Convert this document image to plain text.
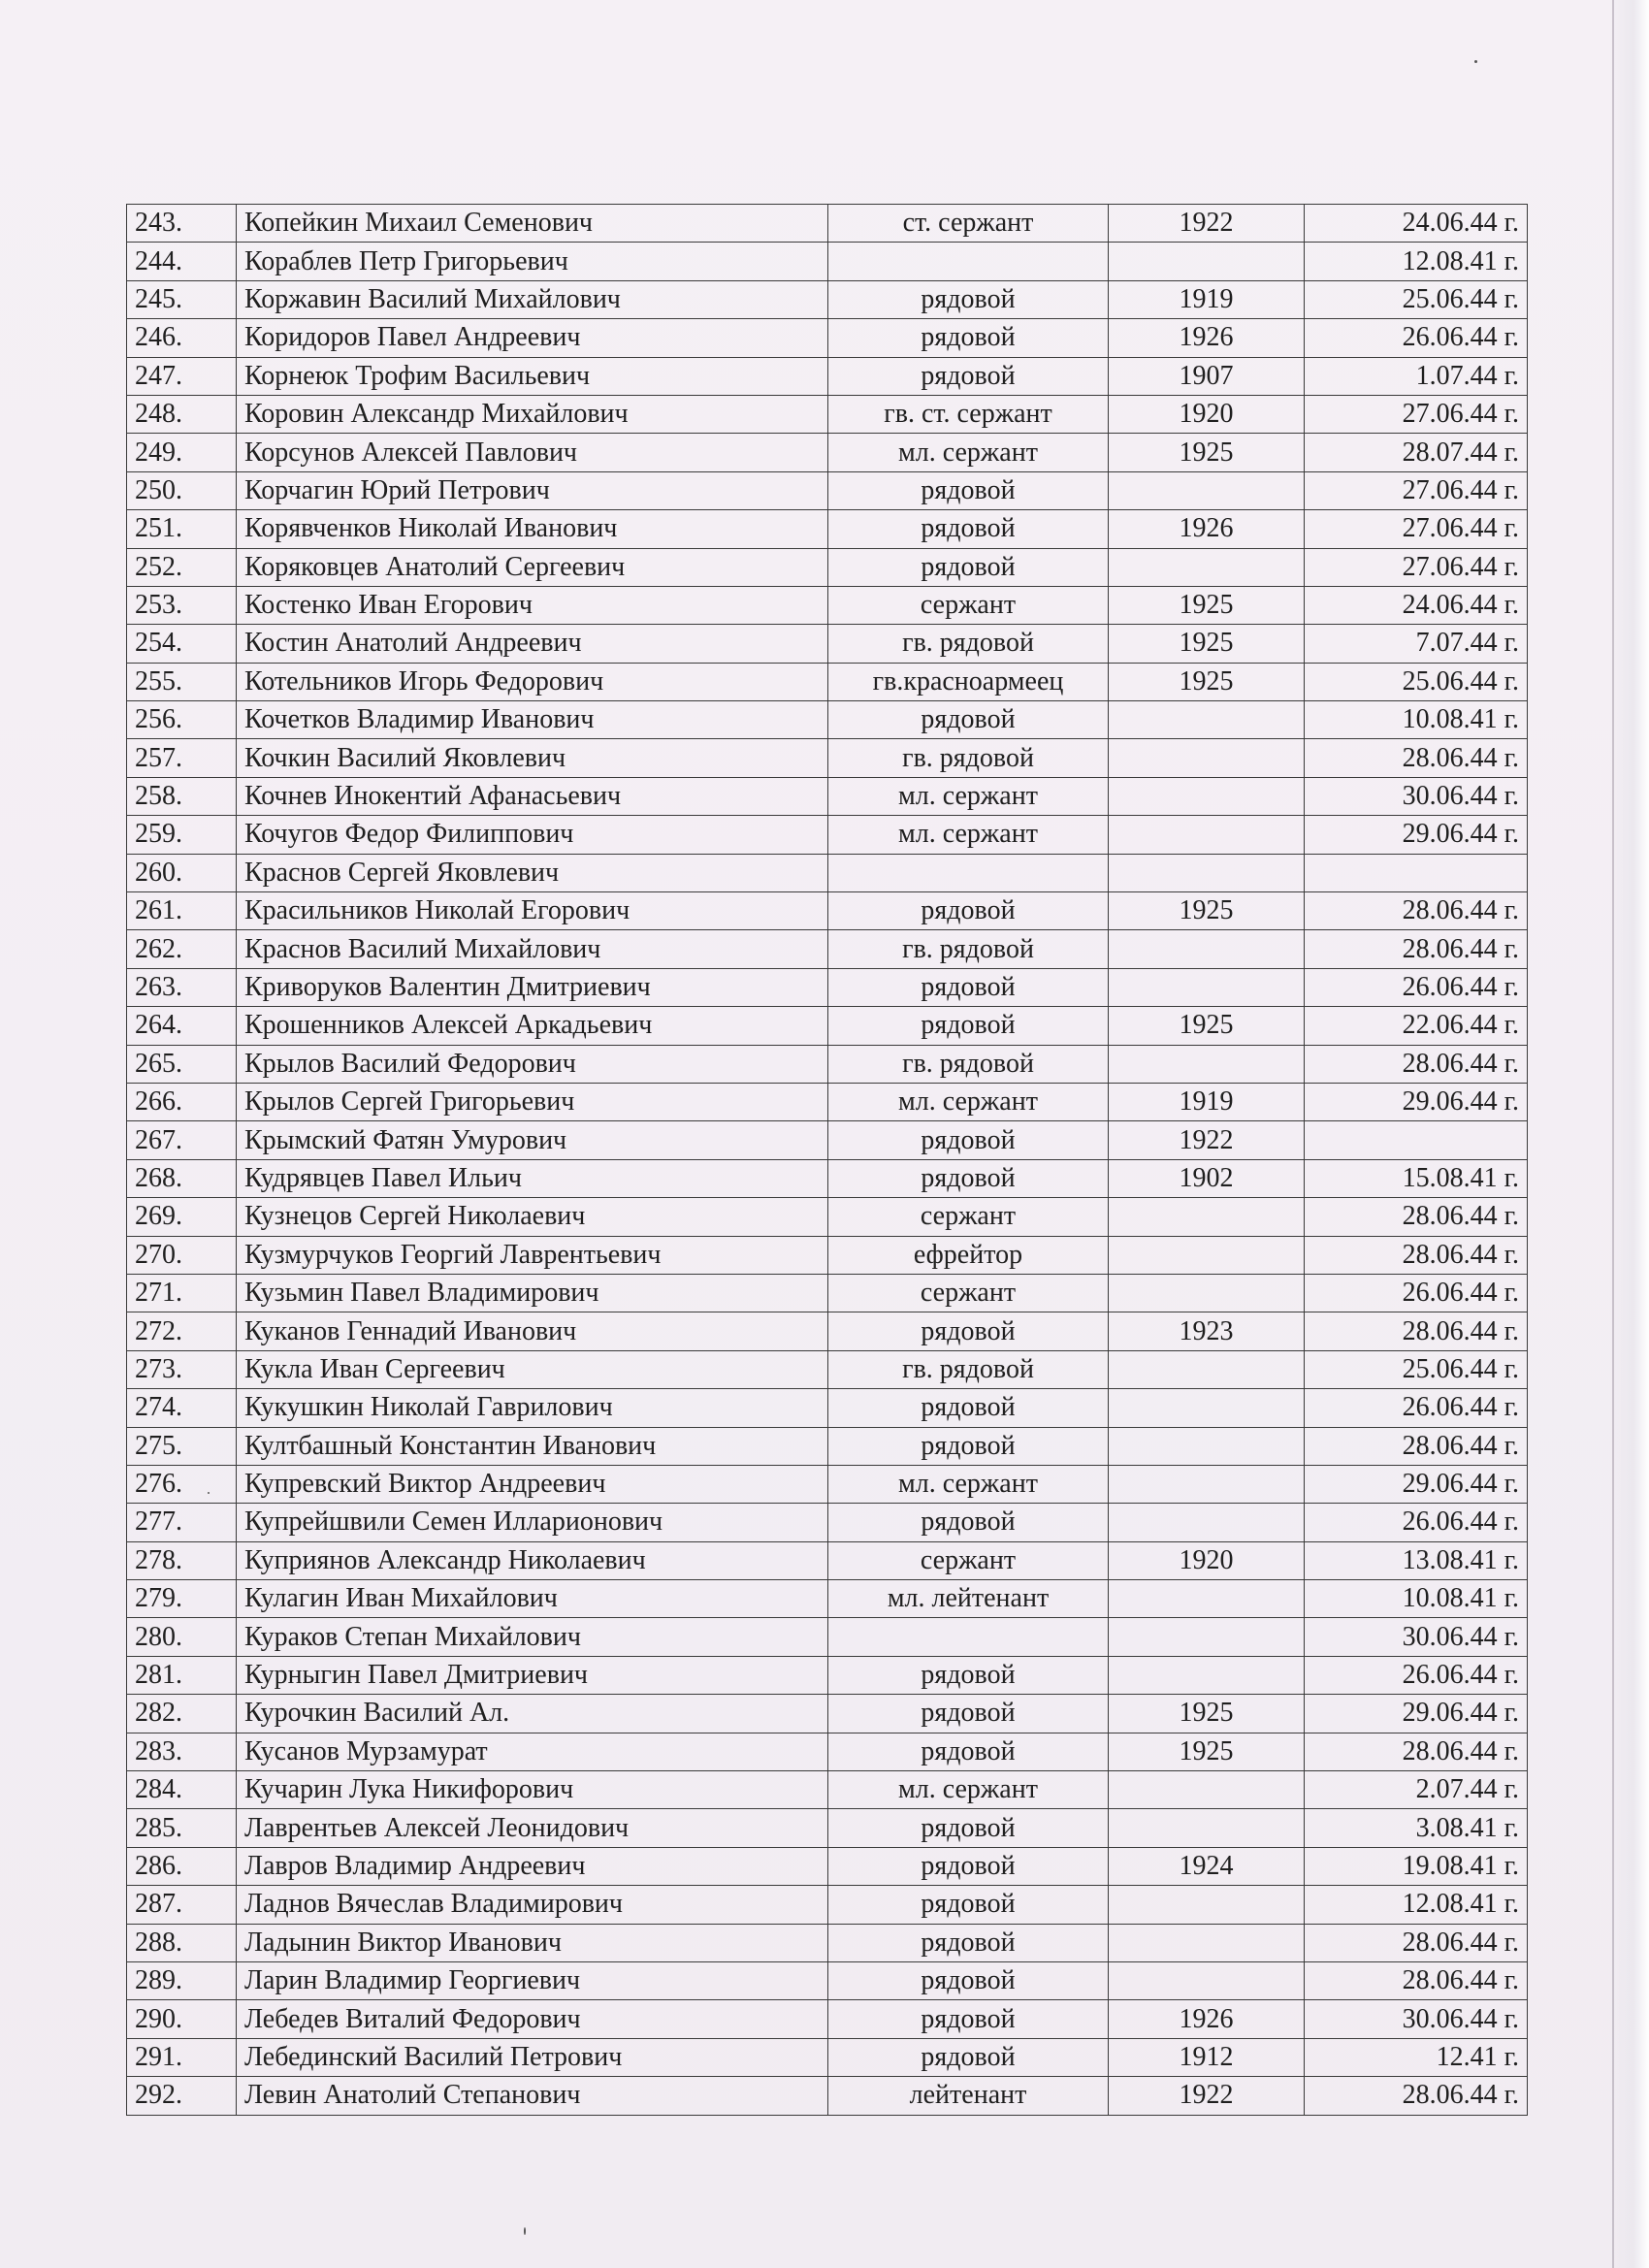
243.	Копейкин Михаил Семенович	ст. сержант	1922	24.06.44 г.
244.	Кораблев Петр Григорьевич			12.08.41 г.
245.	Коржавин Василий Михайлович	рядовой	1919	25.06.44 г.
246.	Коридоров Павел Андреевич	рядовой	1926	26.06.44 г.
247.	Корнеюк Трофим Васильевич	рядовой	1907	1.07.44 г.
248.	Коровин Александр Михайлович	гв. ст. сержант	1920	27.06.44 г.
249.	Корсунов Алексей Павлович	мл. сержант	1925	28.07.44 г.
250.	Корчагин Юрий Петрович	рядовой		27.06.44 г.
251.	Корявченков Николай Иванович	рядовой	1926	27.06.44 г.
252.	Коряковцев Анатолий Сергеевич	рядовой		27.06.44 г.
253.	Костенко Иван Егорович	сержант	1925	24.06.44 г.
254.	Костин Анатолий Андреевич	гв. рядовой	1925	7.07.44 г.
255.	Котельников Игорь Федорович	гв.красноармеец	1925	25.06.44 г.
256.	Кочетков Владимир Иванович	рядовой		10.08.41 г.
257.	Кочкин Василий Яковлевич	гв. рядовой		28.06.44 г.
258.	Кочнев Инокентий Афанасьевич	мл. сержант		30.06.44 г.
259.	Кочугов Федор Филиппович	мл. сержант		29.06.44 г.
260.	Краснов Сергей Яковлевич			
261.	Красильников Николай Егорович	рядовой	1925	28.06.44 г.
262.	Краснов Василий Михайлович	гв. рядовой		28.06.44 г.
263.	Криворуков Валентин Дмитриевич	рядовой		26.06.44 г.
264.	Крошенников Алексей Аркадьевич	рядовой	1925	22.06.44 г.
265.	Крылов Василий Федорович	гв. рядовой		28.06.44 г.
266.	Крылов Сергей Григорьевич	мл. сержант	1919	29.06.44 г.
267.	Крымский Фатян Умурович	рядовой	1922	
268.	Кудрявцев Павел Ильич	рядовой	1902	15.08.41 г.
269.	Кузнецов Сергей Николаевич	сержант		28.06.44 г.
270.	Кузмурчуков Георгий Лаврентьевич	ефрейтор		28.06.44 г.
271.	Кузьмин Павел Владимирович	сержант		26.06.44 г.
272.	Куканов Геннадий Иванович	рядовой	1923	28.06.44 г.
273.	Кукла Иван Сергеевич	гв. рядовой		25.06.44 г.
274.	Кукушкин Николай Гаврилович	рядовой		26.06.44 г.
275.	Култбашный Константин Иванович	рядовой		28.06.44 г.
276.	Купревский Виктор Андреевич	мл. сержант		29.06.44 г.
277.	Купрейшвили Семен Илларионович	рядовой		26.06.44 г.
278.	Куприянов Александр Николаевич	сержант	1920	13.08.41 г.
279.	Кулагин Иван Михайлович	мл. лейтенант		10.08.41 г.
280.	Кураков Степан Михайлович			30.06.44 г.
281.	Курныгин Павел Дмитриевич	рядовой		26.06.44 г.
282.	Курочкин Василий Ал.	рядовой	1925	29.06.44 г.
283.	Кусанов Мурзамурат	рядовой	1925	28.06.44 г.
284.	Кучарин Лука Никифорович	мл. сержант		2.07.44 г.
285.	Лаврентьев Алексей Леонидович	рядовой		3.08.41 г.
286.	Лавров Владимир Андреевич	рядовой	1924	19.08.41 г.
287.	Ладнов Вячеслав Владимирович	рядовой		12.08.41 г.
288.	Ладынин Виктор Иванович	рядовой		28.06.44 г.
289.	Ларин Владимир Георгиевич	рядовой		28.06.44 г.
290.	Лебедев Виталий Федорович	рядовой	1926	30.06.44 г.
291.	Лебединский Василий Петрович	рядовой	1912	12.41 г.
292.	Левин Анатолий Степанович	лейтенант	1922	28.06.44 г.
